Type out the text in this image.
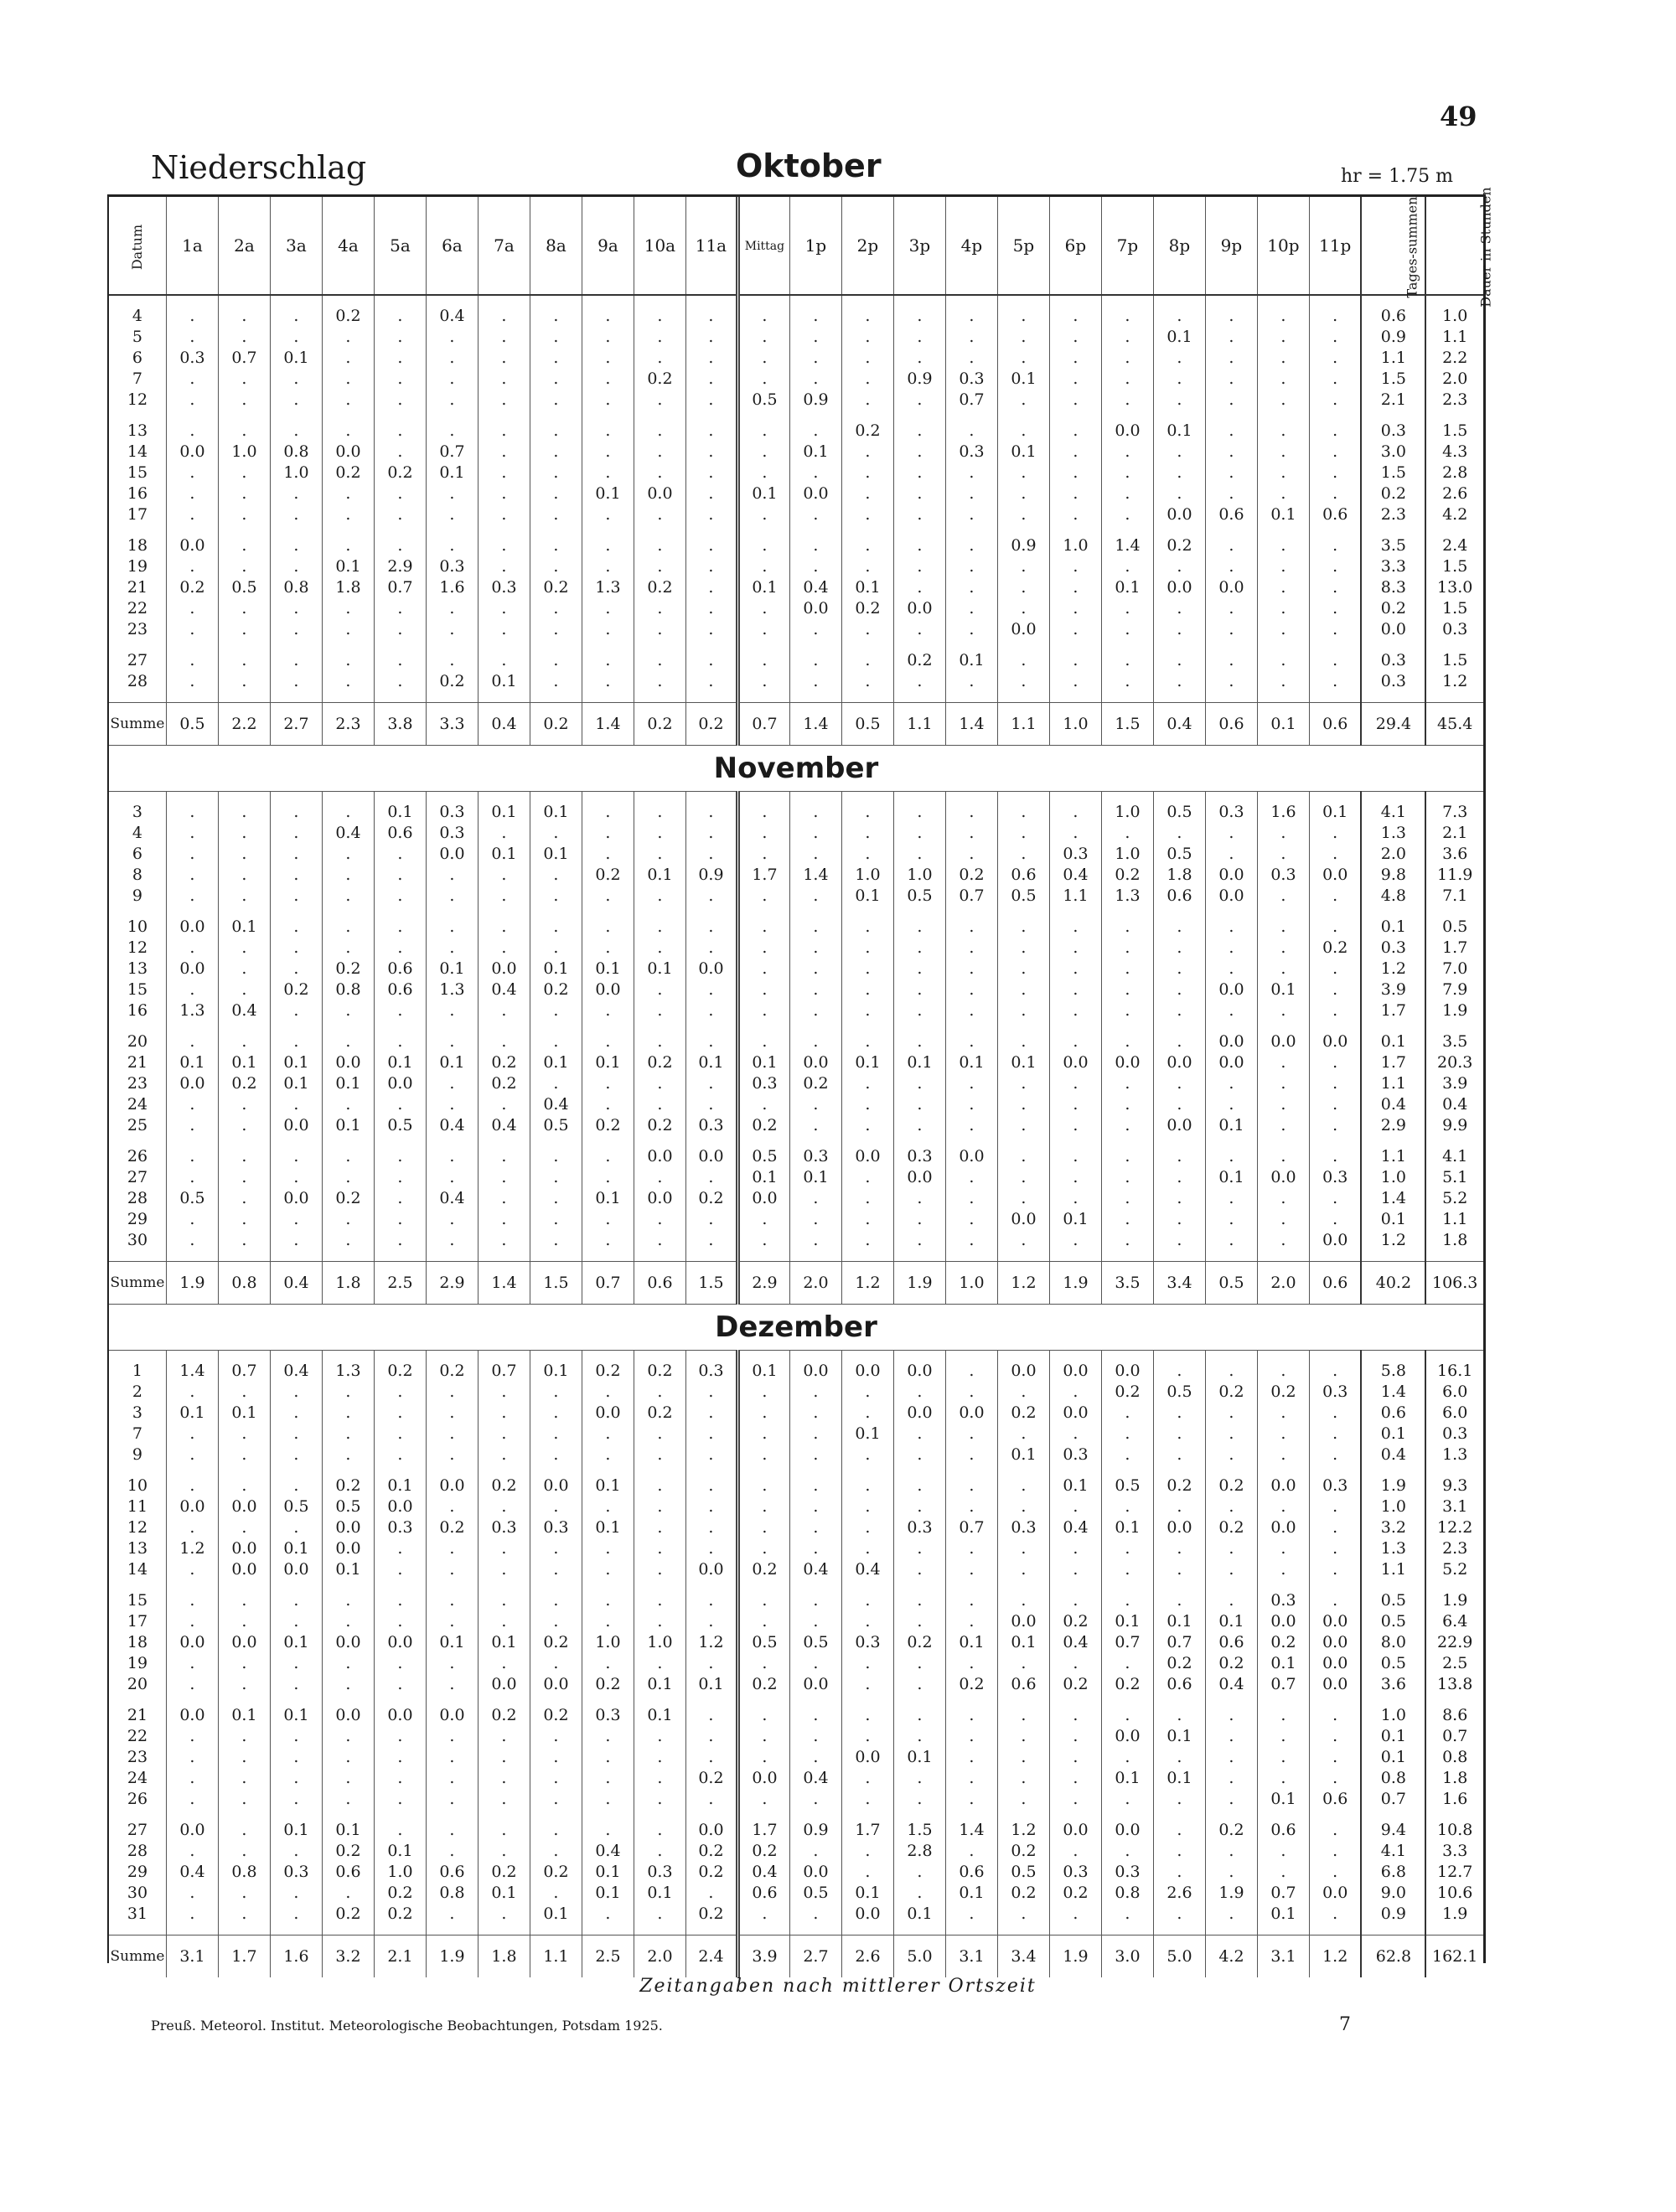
49
Niederschlag	Oktober	hr = 1.75 m
Datum	1a	2a	3a	4a	5a	6a	7a	8a	9a	10a	11a	Mittag	1p	2p	3p	4p	5p	6p	7p	8p	9p	10p	11p	Tages-summen	Dauer in Stunden

4	.	.	.	0.2	.	0.4	.	.	.	.	.	.	.	.	.	.	.	.	.	.	.	.	.	0.6	1.0
5	.	.	.	.	.	.	.	.	.	.	.	.	.	.	.	.	.	.	.	0.1	.	.	.	0.9	1.1
6	0.3	0.7	0.1	.	.	.	.	.	.	.	.	.	.	.	.	.	.	.	.	.	.	.	.	1.1	2.2
7	.	.	.	.	.	.	.	.	.	0.2	.	.	.	.	0.9	0.3	0.1	.	.	.	.	.	.	1.5	2.0
12	.	.	.	.	.	.	.	.	.	.	.	0.5	0.9	.	.	0.7	.	.	.	.	.	.	.	2.1	2.3

13	.	.	.	.	.	.	.	.	.	.	.	.	.	0.2	.	.	.	.	0.0	0.1	.	.	.	0.3	1.5
14	0.0	1.0	0.8	0.0	.	0.7	.	.	.	.	.	.	0.1	.	.	0.3	0.1	.	.	.	.	.	.	3.0	4.3
15	.	.	1.0	0.2	0.2	0.1	.	.	.	.	.	.	.	.	.	.	.	.	.	.	.	.	.	1.5	2.8
16	.	.	.	.	.	.	.	.	0.1	0.0	.	0.1	0.0	.	.	.	.	.	.	.	.	.	.	0.2	2.6
17	.	.	.	.	.	.	.	.	.	.	.	.	.	.	.	.	.	.	.	0.0	0.6	0.1	0.6	2.3	4.2

18	0.0	.	.	.	.	.	.	.	.	.	.	.	.	.	.	.	0.9	1.0	1.4	0.2	.	.	.	3.5	2.4
19	.	.	.	0.1	2.9	0.3	.	.	.	.	.	.	.	.	.	.	.	.	.	.	.	.	.	3.3	1.5
21	0.2	0.5	0.8	1.8	0.7	1.6	0.3	0.2	1.3	0.2	.	0.1	0.4	0.1	.	.	.	.	0.1	0.0	0.0	.	.	8.3	13.0
22	.	.	.	.	.	.	.	.	.	.	.	.	0.0	0.2	0.0	.	.	.	.	.	.	.	.	0.2	1.5
23	.	.	.	.	.	.	.	.	.	.	.	.	.	.	.	.	0.0	.	.	.	.	.	.	0.0	0.3

27	.	.	.	.	.	.	.	.	.	.	.	.	.	.	0.2	0.1	.	.	.	.	.	.	.	0.3	1.5
28	.	.	.	.	.	0.2	0.1	.	.	.	.	.	.	.	.	.	.	.	.	.	.	.	.	0.3	1.2

Summe	0.5	2.2	2.7	2.3	3.8	3.3	0.4	0.2	1.4	0.2	0.2	0.7	1.4	0.5	1.1	1.4	1.1	1.0	1.5	0.4	0.6	0.1	0.6	29.4	45.4
November																									

3	.	.	.	.	0.1	0.3	0.1	0.1	.	.	.	.	.	.	.	.	.	.	1.0	0.5	0.3	1.6	0.1	4.1	7.3
4	.	.	.	0.4	0.6	0.3	.	.	.	.	.	.	.	.	.	.	.	.	.	.	.	.	.	1.3	2.1
6	.	.	.	.	.	0.0	0.1	0.1	.	.	.	.	.	.	.	.	.	0.3	1.0	0.5	.	.	.	2.0	3.6
8	.	.	.	.	.	.	.	.	0.2	0.1	0.9	1.7	1.4	1.0	1.0	0.2	0.6	0.4	0.2	1.8	0.0	0.3	0.0	9.8	11.9
9	.	.	.	.	.	.	.	.	.	.	.	.	.	0.1	0.5	0.7	0.5	1.1	1.3	0.6	0.0	.	.	4.8	7.1

10	0.0	0.1	.	.	.	.	.	.	.	.	.	.	.	.	.	.	.	.	.	.	.	.	.	0.1	0.5
12	.	.	.	.	.	.	.	.	.	.	.	.	.	.	.	.	.	.	.	.	.	.	0.2	0.3	1.7
13	0.0	.	.	0.2	0.6	0.1	0.0	0.1	0.1	0.1	0.0	.	.	.	.	.	.	.	.	.	.	.	.	1.2	7.0
15	.	.	0.2	0.8	0.6	1.3	0.4	0.2	0.0	.	.	.	.	.	.	.	.	.	.	.	0.0	0.1	.	3.9	7.9
16	1.3	0.4	.	.	.	.	.	.	.	.	.	.	.	.	.	.	.	.	.	.	.	.	.	1.7	1.9

20	.	.	.	.	.	.	.	.	.	.	.	.	.	.	.	.	.	.	.	.	0.0	0.0	0.0	0.1	3.5
21	0.1	0.1	0.1	0.0	0.1	0.1	0.2	0.1	0.1	0.2	0.1	0.1	0.0	0.1	0.1	0.1	0.1	0.0	0.0	0.0	0.0	.	.	1.7	20.3
23	0.0	0.2	0.1	0.1	0.0	.	0.2	.	.	.	.	0.3	0.2	.	.	.	.	.	.	.	.	.	.	1.1	3.9
24	.	.	.	.	.	.	.	0.4	.	.	.	.	.	.	.	.	.	.	.	.	.	.	.	0.4	0.4
25	.	.	0.0	0.1	0.5	0.4	0.4	0.5	0.2	0.2	0.3	0.2	.	.	.	.	.	.	.	0.0	0.1	.	.	2.9	9.9

26	.	.	.	.	.	.	.	.	.	0.0	0.0	0.5	0.3	0.0	0.3	0.0	.	.	.	.	.	.	.	1.1	4.1
27	.	.	.	.	.	.	.	.	.	.	.	0.1	0.1	.	0.0	.	.	.	.	.	0.1	0.0	0.3	1.0	5.1
28	0.5	.	0.0	0.2	.	0.4	.	.	0.1	0.0	0.2	0.0	.	.	.	.	.	.	.	.	.	.	.	1.4	5.2
29	.	.	.	.	.	.	.	.	.	.	.	.	.	.	.	.	0.0	0.1	.	.	.	.	.	0.1	1.1
30	.	.	.	.	.	.	.	.	.	.	.	.	.	.	.	.	.	.	.	.	.	.	0.0	1.2	1.8

Summe	1.9	0.8	0.4	1.8	2.5	2.9	1.4	1.5	0.7	0.6	1.5	2.9	2.0	1.2	1.9	1.0	1.2	1.9	3.5	3.4	0.5	2.0	0.6	40.2	106.3
Dezember																									

1	1.4	0.7	0.4	1.3	0.2	0.2	0.7	0.1	0.2	0.2	0.3	0.1	0.0	0.0	0.0	.	0.0	0.0	0.0	.	.	.	.	5.8	16.1
2	.	.	.	.	.	.	.	.	.	.	.	.	.	.	.	.	.	.	0.2	0.5	0.2	0.2	0.3	1.4	6.0
3	0.1	0.1	.	.	.	.	.	.	0.0	0.2	.	.	.	.	0.0	0.0	0.2	0.0	.	.	.	.	.	0.6	6.0
7	.	.	.	.	.	.	.	.	.	.	.	.	.	0.1	.	.	.	.	.	.	.	.	.	0.1	0.3
9	.	.	.	.	.	.	.	.	.	.	.	.	.	.	.	.	0.1	0.3	.	.	.	.	.	0.4	1.3

10	.	.	.	0.2	0.1	0.0	0.2	0.0	0.1	.	.	.	.	.	.	.	.	0.1	0.5	0.2	0.2	0.0	0.3	1.9	9.3
11	0.0	0.0	0.5	0.5	0.0	.	.	.	.	.	.	.	.	.	.	.	.	.	.	.	.	.	.	1.0	3.1
12	.	.	.	0.0	0.3	0.2	0.3	0.3	0.1	.	.	.	.	.	0.3	0.7	0.3	0.4	0.1	0.0	0.2	0.0	.	3.2	12.2
13	1.2	0.0	0.1	0.0	.	.	.	.	.	.	.	.	.	.	.	.	.	.	.	.	.	.	.	1.3	2.3
14	.	0.0	0.0	0.1	.	.	.	.	.	.	0.0	0.2	0.4	0.4	.	.	.	.	.	.	.	.	.	1.1	5.2

15	.	.	.	.	.	.	.	.	.	.	.	.	.	.	.	.	.	.	.	.	.	0.3	.	0.5	1.9
17	.	.	.	.	.	.	.	.	.	.	.	.	.	.	.	.	0.0	0.2	0.1	0.1	0.1	0.0	0.0	0.5	6.4
18	0.0	0.0	0.1	0.0	0.0	0.1	0.1	0.2	1.0	1.0	1.2	0.5	0.5	0.3	0.2	0.1	0.1	0.4	0.7	0.7	0.6	0.2	0.0	8.0	22.9
19	.	.	.	.	.	.	.	.	.	.	.	.	.	.	.	.	.	.	.	0.2	0.2	0.1	0.0	0.5	2.5
20	.	.	.	.	.	.	0.0	0.0	0.2	0.1	0.1	0.2	0.0	.	.	0.2	0.6	0.2	0.2	0.6	0.4	0.7	0.0	3.6	13.8

21	0.0	0.1	0.1	0.0	0.0	0.0	0.2	0.2	0.3	0.1	.	.	.	.	.	.	.	.	.	.	.	.	.	1.0	8.6
22	.	.	.	.	.	.	.	.	.	.	.	.	.	.	.	.	.	.	0.0	0.1	.	.	.	0.1	0.7
23	.	.	.	.	.	.	.	.	.	.	.	.	.	0.0	0.1	.	.	.	.	.	.	.	.	0.1	0.8
24	.	.	.	.	.	.	.	.	.	.	0.2	0.0	0.4	.	.	.	.	.	0.1	0.1	.	.	.	0.8	1.8
26	.	.	.	.	.	.	.	.	.	.	.	.	.	.	.	.	.	.	.	.	.	0.1	0.6	0.7	1.6

27	0.0	.	0.1	0.1	.	.	.	.	.	.	0.0	1.7	0.9	1.7	1.5	1.4	1.2	0.0	0.0	.	0.2	0.6	.	9.4	10.8
28	.	.	.	0.2	0.1	.	.	.	0.4	.	0.2	0.2	.	.	2.8	.	0.2	.	.	.	.	.	.	4.1	3.3
29	0.4	0.8	0.3	0.6	1.0	0.6	0.2	0.2	0.1	0.3	0.2	0.4	0.0	.	.	0.6	0.5	0.3	0.3	.	.	.	.	6.8	12.7
30	.	.	.	.	0.2	0.8	0.1	.	0.1	0.1	.	0.6	0.5	0.1	.	0.1	0.2	0.2	0.8	2.6	1.9	0.7	0.0	9.0	10.6
31	.	.	.	0.2	0.2	.	.	0.1	.	.	0.2	.	.	0.0	0.1	.	.	.	.	.	.	0.1	.	0.9	1.9

Summe	3.1	1.7	1.6	3.2	2.1	1.9	1.8	1.1	2.5	2.0	2.4	3.9	2.7	2.6	5.0	3.1	3.4	1.9	3.0	5.0	4.2	3.1	1.2	62.8	162.1
Zeitangaben nach mittlerer Ortszeit
Preuß. Meteorol. Institut. Meteorologische Beobachtungen, Potsdam 1925.	7
